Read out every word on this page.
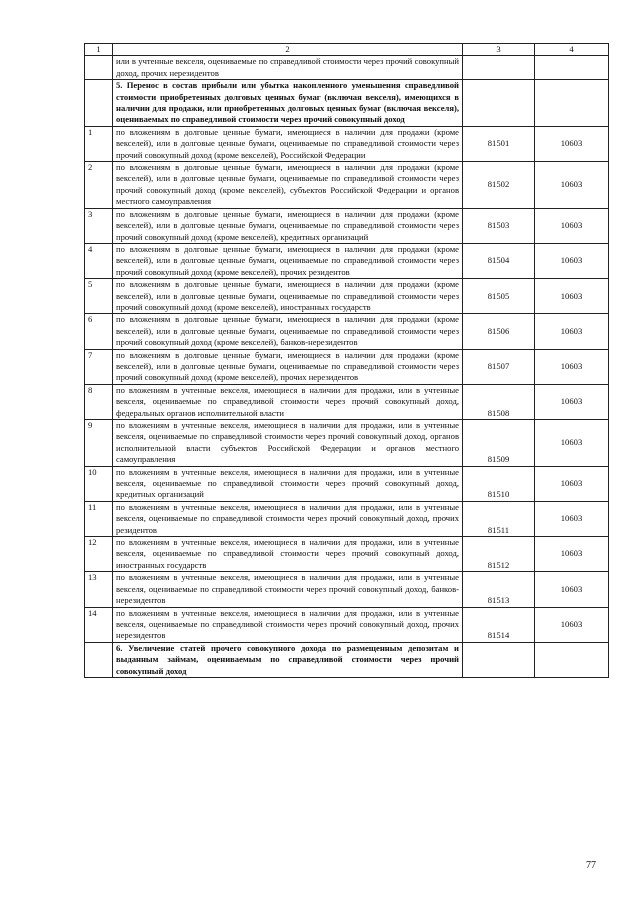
1	2	3	4
	или в учтенные векселя, оцениваемые по справедливой стоимости через прочий совокупный доход, прочих нерезидентов		
	5. Перенос в состав прибыли или убытка накопленного уменьшения справедливой стоимости приобретенных долговых ценных бумаг (включая векселя), имеющихся в наличии для продажи, или приобретенных долговых ценных бумаг (включая векселя), оцениваемых по справедливой стоимости через прочий совокупный доход		
1	по вложениям в долговые ценные бумаги, имеющиеся в наличии для продажи (кроме векселей), или в долговые ценные бумаги, оцениваемые по справедливой стоимости через прочий совокупный доход (кроме векселей), Российской Федерации	81501	10603
2	по вложениям в долговые ценные бумаги, имеющиеся в наличии для продажи (кроме векселей), или в долговые ценные бумаги, оцениваемые по справедливой стоимости через прочий совокупный доход (кроме векселей), субъектов Российской Федерации и органов местного самоуправления	81502	10603
3	по вложениям в долговые ценные бумаги, имеющиеся в наличии для продажи (кроме векселей), или в долговые ценные бумаги, оцениваемые по справедливой стоимости через прочий совокупный доход (кроме векселей), кредитных организаций	81503	10603
4	по вложениям в долговые ценные бумаги, имеющиеся в наличии для продажи (кроме векселей), или в долговые ценные бумаги, оцениваемые по справедливой стоимости через прочий совокупный доход (кроме векселей), прочих резидентов	81504	10603
5	по вложениям в долговые ценные бумаги, имеющиеся в наличии для продажи (кроме векселей), или в долговые ценные бумаги, оцениваемые по справедливой стоимости через прочий совокупный доход (кроме векселей), иностранных государств	81505	10603
6	по вложениям в долговые ценные бумаги, имеющиеся в наличии для продажи (кроме векселей), или в долговые ценные бумаги, оцениваемые по справедливой стоимости через прочий совокупный доход (кроме векселей), банков-нерезидентов	81506	10603
7	по вложениям в долговые ценные бумаги, имеющиеся в наличии для продажи (кроме векселей), или в долговые ценные бумаги, оцениваемые по справедливой стоимости через прочий совокупный доход (кроме векселей), прочих нерезидентов	81507	10603
8	по вложениям в учтенные векселя, имеющиеся в наличии для продажи, или в учтенные векселя, оцениваемые по справедливой стоимости через прочий совокупный доход, федеральных органов исполнительной власти	81508	10603
9	по вложениям в учтенные векселя, имеющиеся в наличии для продажи, или в учтенные векселя, оцениваемые по справедливой стоимости через прочий совокупный доход, органов исполнительной власти субъектов Российской Федерации и органов местного самоуправления	81509	10603
10	по вложениям в учтенные векселя, имеющиеся в наличии для продажи, или в учтенные векселя, оцениваемые по справедливой стоимости через прочий совокупный доход, кредитных организаций	81510	10603
11	по вложениям в учтенные векселя, имеющиеся в наличии для продажи, или в учтенные векселя, оцениваемые по справедливой стоимости через прочий совокупный доход, прочих резидентов	81511	10603
12	по вложениям в учтенные векселя, имеющиеся в наличии для продажи, или в учтенные векселя, оцениваемые по справедливой стоимости через прочий совокупный доход, иностранных государств	81512	10603
13	по вложениям в учтенные векселя, имеющиеся в наличии для продажи, или в учтенные векселя, оцениваемые по справедливой стоимости через прочий совокупный доход, банков-нерезидентов	81513	10603
14	по вложениям в учтенные векселя, имеющиеся в наличии для продажи, или в учтенные векселя, оцениваемые по справедливой стоимости через прочий совокупный доход, прочих нерезидентов	81514	10603
	6. Увеличение статей прочего совокупного дохода по размещенным депозитам и выданным займам, оцениваемым по справедливой стоимости через прочий совокупный доход		
77
